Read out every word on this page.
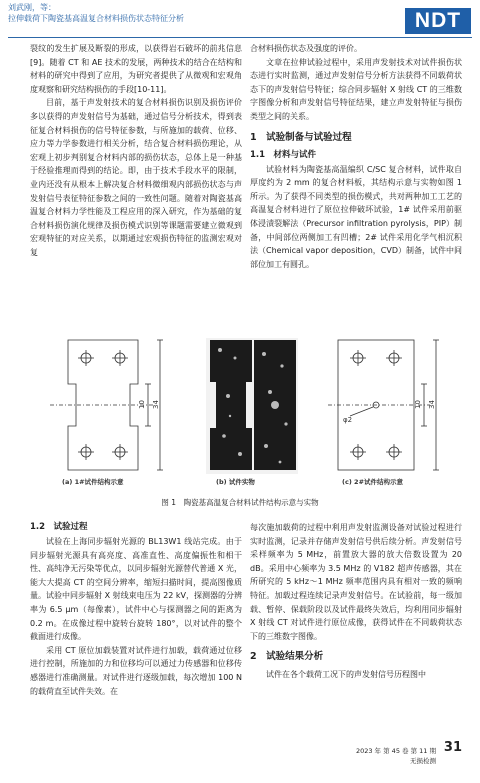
刘武刚，等：
拉伸载荷下陶瓷基高温复合材料损伤状态特征分析	NDT

裂纹的发生扩展及断裂的形成，以获得岩石破坏的前兆信息[9]。随着 CT 和 AE 技术的发展，两种技术的结合在结构和材料的研究中得到了应用，为研究者提供了从微观和宏观角度观察和研究结构损伤的手段[10-11]。

目前，基于声发射技术的复合材料损伤识别及损伤评价多以获得的声发射信号为基础，通过信号分析技术，得到表征复合材料损伤的信号特征参数，与所施加的载荷、位移、应力等力学参数进行相关分析，结合复合材料损伤理论，从宏观上初步判别复合材料内部的损伤状态，总体上是一种基于经验推理而得到的结论。即，由于技术手段水平的限制，业内还没有从根本上解决复合材料微细观内部损伤状态与声发射信号表征特征参数之间的一致性问题。随着对陶瓷基高温复合材料力学性能及工程应用的深入研究，作为基础的复合材料损伤演化规律及损伤模式识别等课题需要建立微观到宏观特征的对应关系，以期通过宏观损伤特征的监测宏观对复

合材料损伤状态及强度的评价。

文章在拉伸试验过程中，采用声发射技术对试件损伤状态进行实时监测，通过声发射信号分析方法获得不同载荷状态下的声发射信号特征；综合同步辐射 X 射线 CT 的三维数字图像分析和声发射信号特征结果，建立声发射特征与损伤类型之间的关系。

1　试验制备与试验过程
1.1　材料与试件

试验材料为陶瓷基高温编织 C/SC 复合材料，试件取自厚度约为 2 mm 的复合材料板，其结构示意与实物如图 1 所示。为了获得不同类型的损伤模式，共对两种加工工艺的高温复合材料进行了原位拉伸破坏试验，1# 试件采用前驱体浸渍裂解法（Precursor infiltration pyrolysis，PIP）制备，中间部位两侧加工有凹槽；2# 试件采用化学气相沉积法（Chemical vapor deposition，CVD）制备，试件中间部位加工有圆孔。

10 34
φ2
10 34
(a) 1#试件结构示意	(b) 试件实物	(c) 2#试件结构示意
图 1　陶瓷基高温复合材料试件结构示意与实物
1.2　试验过程

试验在上海同步辐射光源的 BL13W1 线站完成。由于同步辐射光源具有高亮度、高准直性、高度偏振性和相干性、高纯净无污染等优点，以同步辐射光源替代普通 X 光，能大大提高 CT 的空间分辨率，缩短扫描时间，提高图像质量。试验中同步辐射 X 射线束电压为 22 kV，探测器的分辨率为 6.5 μm（每像素），试件中心与探测器之间的距离为 0.2 m。在成像过程中旋转台旋转 180°，以对试件的整个截面进行成像。

采用 CT 原位加载装置对试件进行加载，载荷通过位移进行控制，所施加的力和位移均可以通过力传感器和位移传感器进行准确测量。对试件进行逐级加载，每次增加 100 N 的载荷直至试件失效。在

每次施加载荷的过程中利用声发射监测设备对试验过程进行实时监测，记录并存储声发射信号供后续分析。声发射信号采样频率为 5 MHz，前置放大器的放大倍数设置为 20 dB。采用中心频率为 3.5 MHz 的 V182 超声传感器，其在所研究的 5 kHz～1 MHz 频率范围内具有相对一致的频响特征。加载过程连续记录声发射信号。在试验前，每一级加载、暂停、保载阶段以及试件最终失效后，均利用同步辐射 X 射线 CT 对试件进行原位成像，获得试件在不同载荷状态下的三维数字图像。

2　试验结果分析

试件在各个载荷工况下的声发射信号历程图中

2023 年 第 45 卷 第 11 期
无损检测
31
